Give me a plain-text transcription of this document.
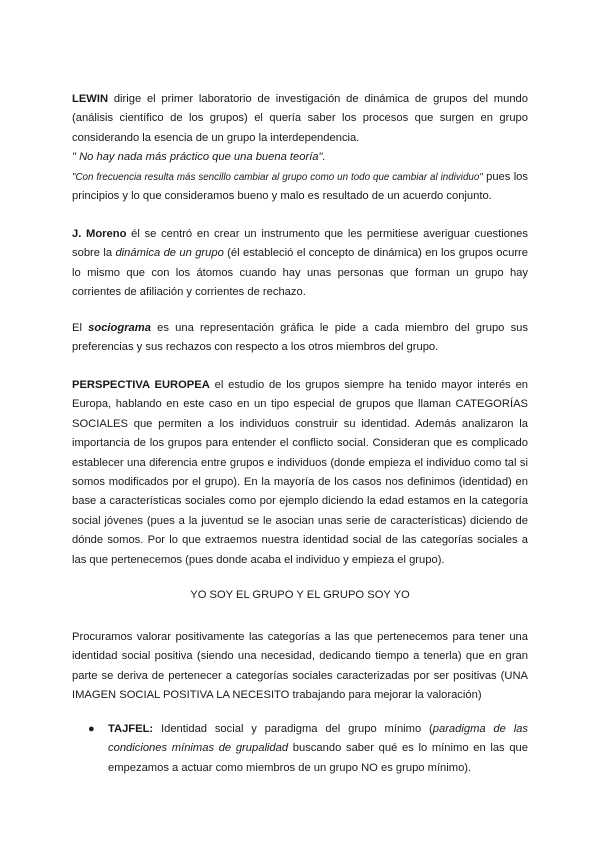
LEWIN dirige el primer laboratorio de investigación de dinámica de grupos del mundo (análisis científico de los grupos) el quería saber los procesos que surgen en grupo considerando la esencia de un grupo la interdependencia.
" No hay nada más práctico que una buena teoría".
"Con frecuencia resulta más sencillo cambiar al grupo como un todo que cambiar al individuo" pues los principios y lo que consideramos bueno y malo es resultado de un acuerdo conjunto.

J. Moreno él se centró en crear un instrumento que les permitiese averiguar cuestiones sobre la dinámica de un grupo (él estableció el concepto de dinámica) en los grupos ocurre lo mismo que con los átomos cuando hay unas personas que forman un grupo hay corrientes de afiliación y corrientes de rechazo.

El sociograma es una representación gráfica le pide a cada miembro del grupo sus preferencias y sus rechazos con respecto a los otros miembros del grupo.

PERSPECTIVA EUROPEA el estudio de los grupos siempre ha tenido mayor interés en Europa, hablando en este caso en un tipo especial de grupos que llaman CATEGORÍAS SOCIALES que permiten a los individuos construir su identidad. Además analizaron la importancia de los grupos para entender el conflicto social. Consideran que es complicado establecer una diferencia entre grupos e individuos (donde empieza el individuo como tal si somos modificados por el grupo). En la mayoría de los casos nos definimos (identidad) en base a características sociales como por ejemplo diciendo la edad estamos en la categoría social jóvenes (pues a la juventud se le asocian unas serie de características) diciendo de dónde somos. Por lo que extraemos nuestra identidad social de las categorías sociales a las que pertenecemos (pues donde acaba el individuo y empieza el grupo).

YO SOY EL GRUPO Y EL GRUPO SOY YO

Procuramos valorar positivamente las categorías a las que pertenecemos para tener una identidad social positiva (siendo una necesidad, dedicando tiempo a tenerla) que en gran parte se deriva de pertenecer a categorías sociales caracterizadas por ser positivas (UNA IMAGEN SOCIAL POSITIVA LA NECESITO trabajando para mejorar la valoración)

● TAJFEL: Identidad social y paradigma del grupo mínimo (paradigma de las condiciones mínimas de grupalidad buscando saber qué es lo mínimo en las que empezamos a actuar como miembros de un grupo NO es grupo mínimo).
